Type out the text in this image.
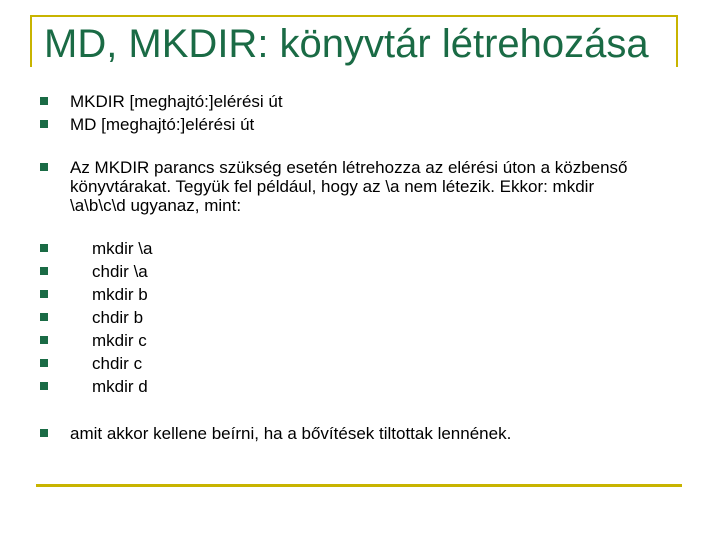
MD, MKDIR: könyvtár létrehozása
MKDIR [meghajtó:]elérési út
MD [meghajtó:]elérési út
Az MKDIR parancs szükség esetén létrehozza az elérési úton a közbenső könyvtárakat. Tegyük fel például, hogy az \a nem létezik. Ekkor: mkdir \a\b\c\d ugyanaz, mint:
mkdir \a
chdir \a
mkdir b
chdir b
mkdir c
chdir c
mkdir d
amit akkor kellene beírni, ha a bővítések tiltottak lennének.
